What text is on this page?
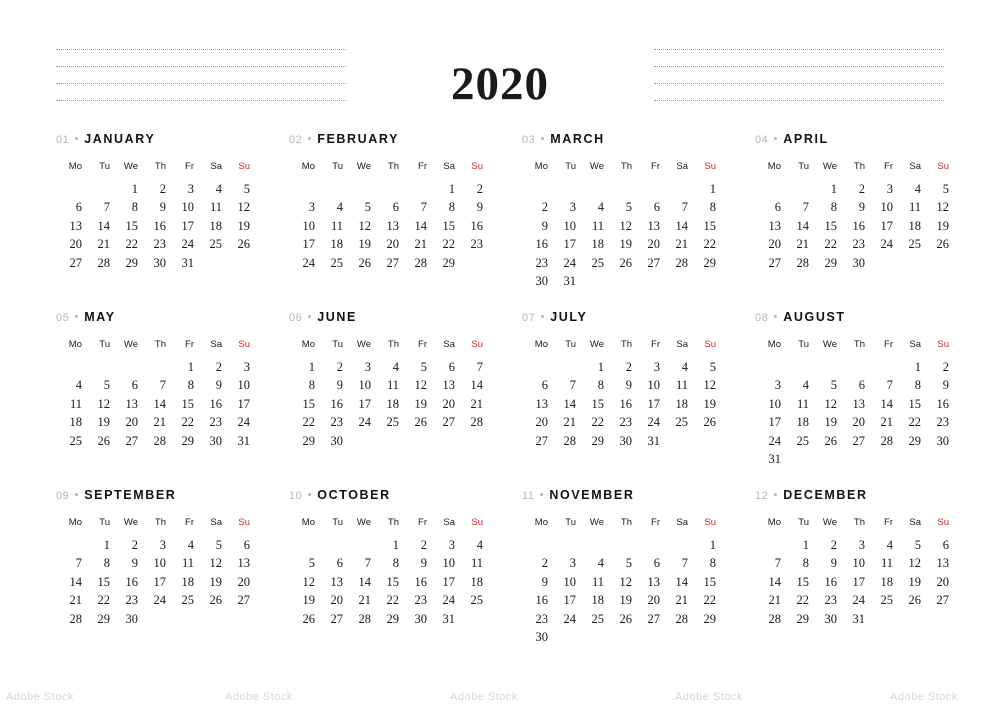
2020
01 JANUARY
Mo	Tu	We	Th	Fr	Sa	Su
		1	2	3	4	5
6	7	8	9	10	11	12
13	14	15	16	17	18	19
20	21	22	23	24	25	26
27	28	29	30	31		
02 FEBRUARY
Mo	Tu	We	Th	Fr	Sa	Su
					1	2
3	4	5	6	7	8	9
10	11	12	13	14	15	16
17	18	19	20	21	22	23
24	25	26	27	28	29	
03 MARCH
Mo	Tu	We	Th	Fr	Sa	Su
						1
2	3	4	5	6	7	8
9	10	11	12	13	14	15
16	17	18	19	20	21	22
23	24	25	26	27	28	29
30	31					
04 APRIL
Mo	Tu	We	Th	Fr	Sa	Su
		1	2	3	4	5
6	7	8	9	10	11	12
13	14	15	16	17	18	19
20	21	22	23	24	25	26
27	28	29	30			
05 MAY
Mo	Tu	We	Th	Fr	Sa	Su
				1	2	3
4	5	6	7	8	9	10
11	12	13	14	15	16	17
18	19	20	21	22	23	24
25	26	27	28	29	30	31
06 JUNE
Mo	Tu	We	Th	Fr	Sa	Su
1	2	3	4	5	6	7
8	9	10	11	12	13	14
15	16	17	18	19	20	21
22	23	24	25	26	27	28
29	30					
07 JULY
Mo	Tu	We	Th	Fr	Sa	Su
		1	2	3	4	5
6	7	8	9	10	11	12
13	14	15	16	17	18	19
20	21	22	23	24	25	26
27	28	29	30	31		
08 AUGUST
Mo	Tu	We	Th	Fr	Sa	Su
					1	2
3	4	5	6	7	8	9
10	11	12	13	14	15	16
17	18	19	20	21	22	23
24	25	26	27	28	29	30
31						
09 SEPTEMBER
Mo	Tu	We	Th	Fr	Sa	Su
	1	2	3	4	5	6
7	8	9	10	11	12	13
14	15	16	17	18	19	20
21	22	23	24	25	26	27
28	29	30				
10 OCTOBER
Mo	Tu	We	Th	Fr	Sa	Su
			1	2	3	4
5	6	7	8	9	10	11
12	13	14	15	16	17	18
19	20	21	22	23	24	25
26	27	28	29	30	31	
11 NOVEMBER
Mo	Tu	We	Th	Fr	Sa	Su
						1
2	3	4	5	6	7	8
9	10	11	12	13	14	15
16	17	18	19	20	21	22
23	24	25	26	27	28	29
30						
12 DECEMBER
Mo	Tu	We	Th	Fr	Sa	Su
	1	2	3	4	5	6
7	8	9	10	11	12	13
14	15	16	17	18	19	20
21	22	23	24	25	26	27
28	29	30	31			
Adobe Stock	Adobe Stock	Adobe Stock	Adobe Stock	Adobe Stock
